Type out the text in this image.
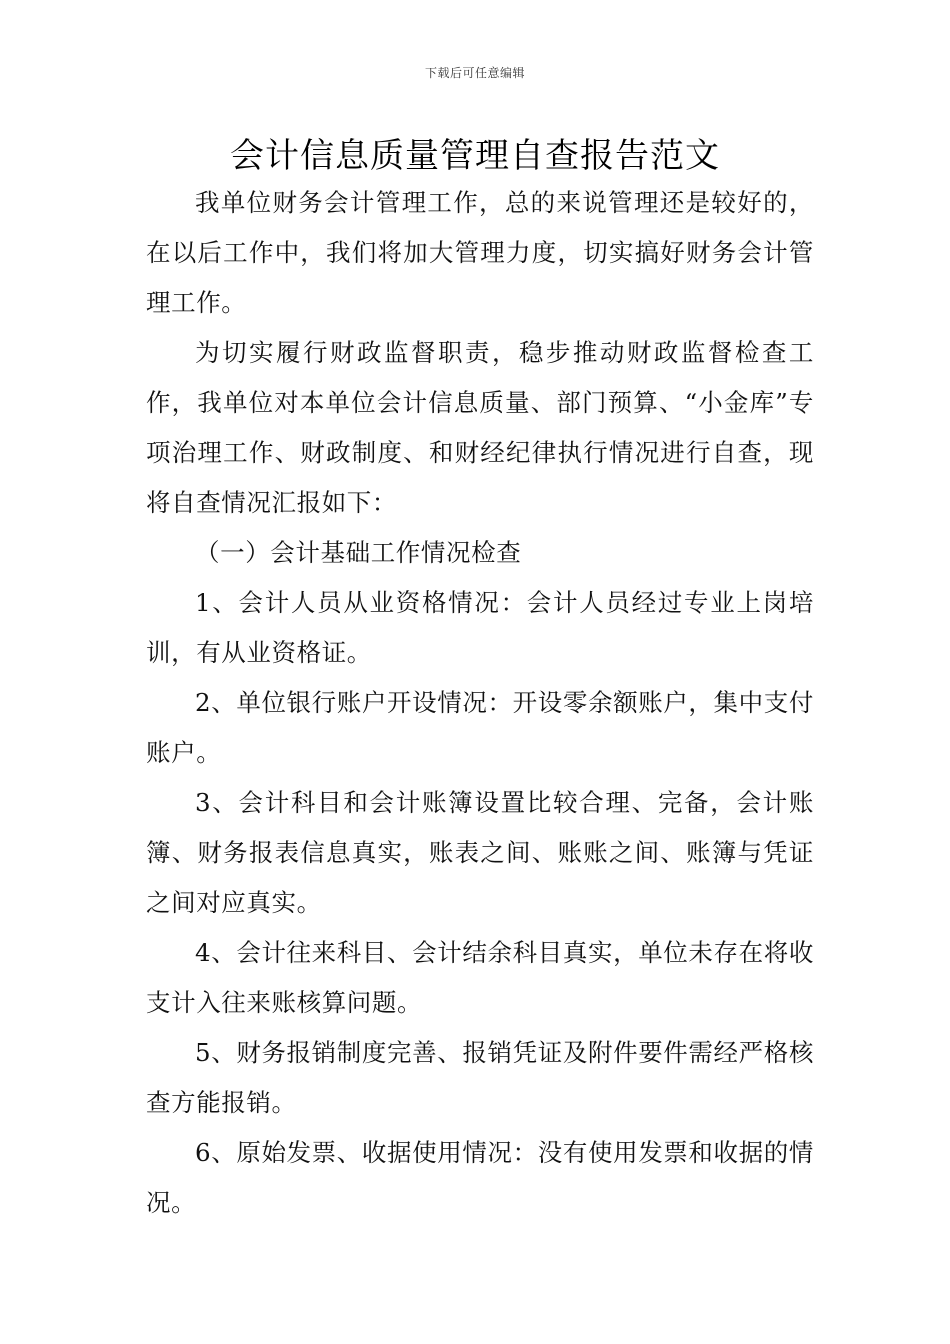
下载后可任意编辑
会计信息质量管理自查报告范文

我单位财务会计管理工作，总的来说管理还是较好的，在以后工作中，我们将加大管理力度，切实搞好财务会计管理工作。

为切实履行财政监督职责，稳步推动财政监督检查工作，我单位对本单位会计信息质量、部门预算、“小金库”专项治理工作、财政制度、和财经纪律执行情况进行自查，现将自查情况汇报如下：

（一）会计基础工作情况检查

1、会计人员从业资格情况：会计人员经过专业上岗培训，有从业资格证。

2、单位银行账户开设情况：开设零余额账户，集中支付账户。

3、会计科目和会计账簿设置比较合理、完备，会计账簿、财务报表信息真实，账表之间、账账之间、账簿与凭证之间对应真实。

4、会计往来科目、会计结余科目真实，单位未存在将收支计入往来账核算问题。

5、财务报销制度完善、报销凭证及附件要件需经严格核查方能报销。

6、原始发票、收据使用情况：没有使用发票和收据的情况。
